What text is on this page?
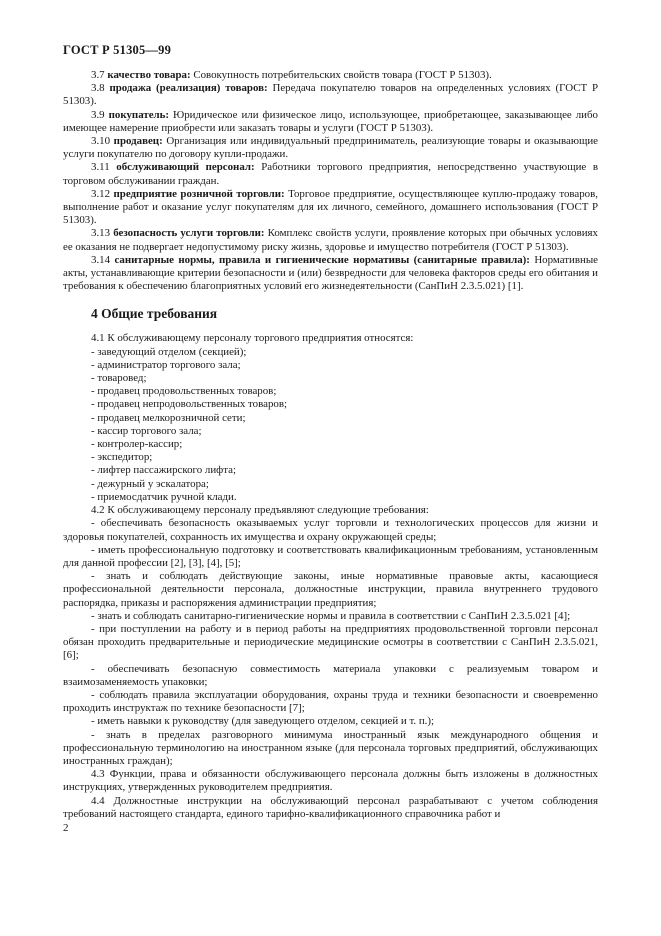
ГОСТ Р 51305—99

3.7 качество товара: Совокупность потребительских свойств товара (ГОСТ Р 51303).

3.8 продажа (реализация) товаров: Передача покупателю товаров на определенных условиях (ГОСТ Р 51303).

3.9 покупатель: Юридическое или физическое лицо, использующее, приобретающее, заказывающее либо имеющее намерение приобрести или заказать товары и услуги (ГОСТ Р 51303).

3.10 продавец: Организация или индивидуальный предприниматель, реализующие товары и оказывающие услуги покупателю по договору купли-продажи.

3.11 обслуживающий персонал: Работники торгового предприятия, непосредственно участвующие в торговом обслуживании граждан.

3.12 предприятие розничной торговли: Торговое предприятие, осуществляющее куплю-продажу товаров, выполнение работ и оказание услуг покупателям для их личного, семейного, домашнего использования (ГОСТ Р 51303).

3.13 безопасность услуги торговли: Комплекс свойств услуги, проявление которых при обычных условиях ее оказания не подвергает недопустимому риску жизнь, здоровье и имущество потребителя (ГОСТ Р 51303).

3.14 санитарные нормы, правила и гигиенические нормативы (санитарные правила): Нормативные акты, устанавливающие критерии безопасности и (или) безвредности для человека факторов среды его обитания и требования к обеспечению благоприятных условий его жизнедеятельности (СанПиН 2.3.5.021) [1].

4 Общие требования

4.1 К обслуживающему персоналу торгового предприятия относятся:

- заведующий отделом (секцией);

- администратор торгового зала;

- товаровед;

- продавец продовольственных товаров;

- продавец непродовольственных товаров;

- продавец мелкорозничной сети;

- кассир торгового зала;

- контролер-кассир;

- экспедитор;

- лифтер пассажирского лифта;

- дежурный у эскалатора;

- приемосдатчик ручной клади.

4.2 К обслуживающему персоналу предъявляют следующие требования:

- обеспечивать безопасность оказываемых услуг торговли и технологических процессов для жизни и здоровья покупателей, сохранность их имущества и охрану окружающей среды;

- иметь профессиональную подготовку и соответствовать квалификационным требованиям, установленным для данной профессии [2], [3], [4], [5];

- знать и соблюдать действующие законы, иные нормативные правовые акты, касающиеся профессиональной деятельности персонала, должностные инструкции, правила внутреннего трудового распорядка, приказы и распоряжения администрации предприятия;

- знать и соблюдать санитарно-гигиенические нормы и правила в соответствии с СанПиН 2.3.5.021 [4];

- при поступлении на работу и в период работы на предприятиях продовольственной торговли персонал обязан проходить предварительные и периодические медицинские осмотры в соответствии с СанПиН 2.3.5.021, [6];

- обеспечивать безопасную совместимость материала упаковки с реализуемым товаром и взаимозаменяемость упаковки;

- соблюдать правила эксплуатации оборудования, охраны труда и техники безопасности и своевременно проходить инструктаж по технике безопасности [7];

- иметь навыки к руководству (для заведующего отделом, секцией и т. п.);

- знать в пределах разговорного минимума иностранный язык международного общения и профессиональную терминологию на иностранном языке (для персонала торговых предприятий, обслуживающих иностранных граждан);

4.3 Функции, права и обязанности обслуживающего персонала должны быть изложены в должностных инструкциях, утвержденных руководителем предприятия.

4.4 Должностные инструкции на обслуживающий персонал разрабатывают с учетом соблюдения требований настоящего стандарта, единого тарифно-квалификационного справочника работ и

2
